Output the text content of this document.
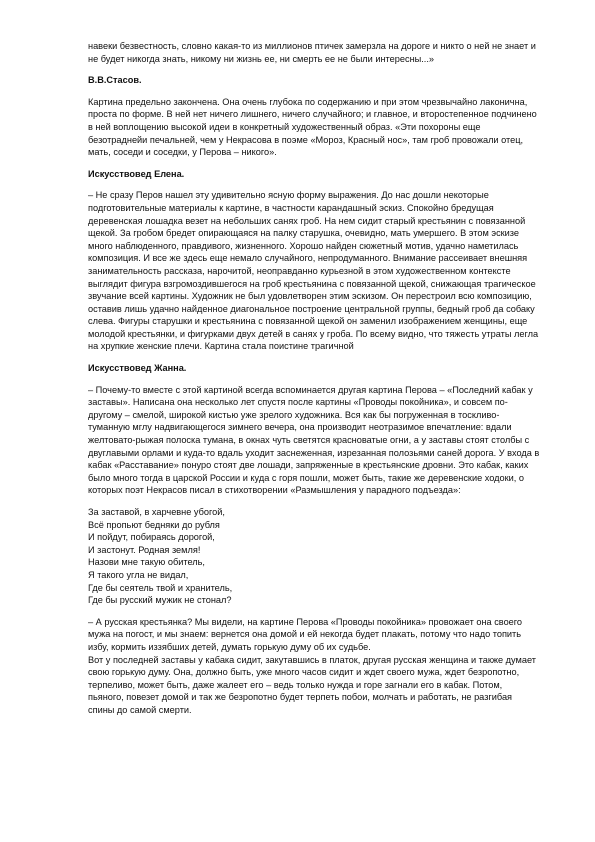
навеки безвестность, словно какая-то из миллионов птичек замерзла на дороге и никто о ней не знает и не будет никогда знать, никому ни жизнь ее, ни смерть ее не были интересны...»

В.В.Стасов.

Картина предельно закончена. Она очень глубока по содержанию и при этом чрезвычайно лаконична, проста по форме. В ней нет ничего лишнего, ничего случайного; и главное, и второстепенное подчинено в ней воплощению высокой идеи в конкретный художественный образ. «Эти похороны еще безотраднейи печальней, чем у Некрасова в поэме «Мороз, Красный нос», там гроб провожали отец, мать, соседи и соседки, у Перова – никого».

Искусствовед Елена.

– Не сразу Перов нашел эту удивительно ясную форму выражения. До нас дошли некоторые подготовительные материалы к картине, в частности карандашный эскиз. Спокойно бредущая деревенская лошадка везет на небольших санях гроб. На нем сидит старый крестьянин с повязанной щекой. За гробом бредет опирающаяся на палку старушка, очевидно, мать умершего. В этом эскизе много наблюденного, правдивого, жизненного. Хорошо найден сюжетный мотив, удачно наметилась композиция. И все же здесь еще немало случайного, непродуманного. Внимание рассеивает внешняя занимательность рассказа, нарочитой, неоправданно курьезной в этом художественном контексте выглядит фигура взгромоздившегося на гроб крестьянина с повязанной щекой, снижающая трагическое звучание всей картины. Художник не был удовлетворен этим эскизом. Он перестроил всю композицию, оставив лишь удачно найденное диагональное построение центральной группы, бедный гроб да собаку слева. Фигуры старушки и крестьянина с повязанной щекой он заменил изображением женщины, еще молодой крестьянки, и фигурками двух детей в санях у гроба. По всему видно, что тяжесть утраты легла на хрупкие женские плечи. Картина стала поистине трагичной

Искусствовед Жанна.

– Почему-то вместе с этой картиной всегда вспоминается другая картина Перова – «Последний кабак у заставы». Написана она несколько лет спустя после картины «Проводы покойника», и совсем по-другому – смелой, широкой кистью уже зрелого художника. Вся как бы погруженная в тоскливо-туманную мглу надвигающегося зимнего вечера, она производит неотразимое впечатление: вдали желтовато-рыжая полоска тумана, в окнах чуть светятся красноватые огни, а у заставы стоят столбы с двуглавыми орлами и куда-то вдаль уходит заснеженная, изрезанная полозьями саней дорога. У входа в кабак «Расставание» понуро стоят две лошади, запряженные в крестьянские дровни. Это кабак, каких было много тогда в царской России и куда с горя пошли, может быть, такие же деревенские ходоки, о которых поэт Некрасов писал в стихотворении «Размышления у парадного подъезда»:

За заставой, в харчевне убогой,
Всё пропьют бедняки до рубля
И пойдут, побираясь дорогой,
И застонут. Родная земля!
Назови мне такую обитель,
Я такого угла не видал,
Где бы сеятель твой и хранитель,
Где бы русский мужик не стонал?

– А русская крестьянка? Мы видели, на картине Перова «Проводы покойника» провожает она своего мужа на погост, и мы знаем: вернется она домой и ей некогда будет плакать, потому что надо топить избу, кормить иззябших детей, думать горькую думу об их судьбе.

Вот у последней заставы у кабака сидит, закутавшись в платок, другая русская женщина и также думает свою горькую думу. Она, должно быть, уже много часов сидит и ждет своего мужа, ждет безропотно, терпеливо, может быть, даже жалеет его – ведь только нужда и горе загнали его в кабак. Потом, пьяного, повезет домой и так же безропотно будет терпеть побои, молчать и работать, не разгибая спины до самой смерти.
